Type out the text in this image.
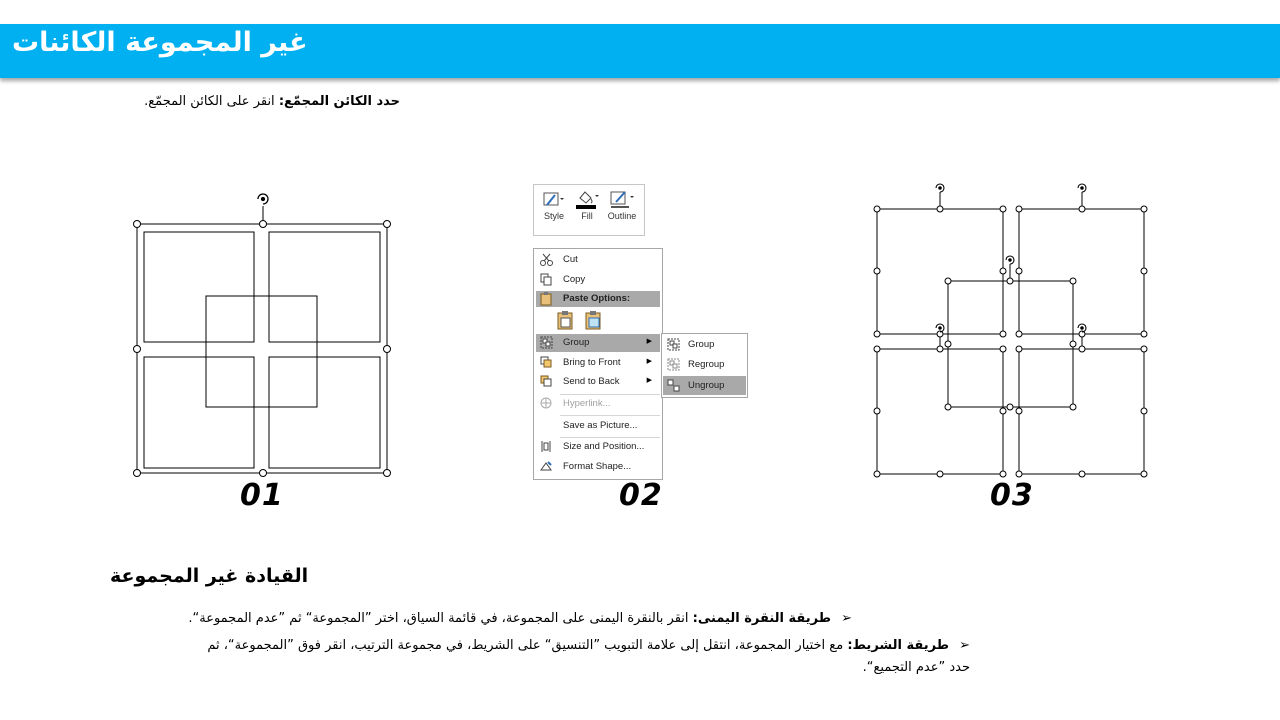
غير المجموعة الكائنات
حدد الكائن المجمّع: انقر على الكائن المجمّع.
Style	Fill	Outline
Cut
Copy
Paste Options:
Group	▶
Bring to Front	▶
Send to Back	▶
Hyperlink...
Save as Picture...
Size and Position...
Format Shape...
Group
Regroup
Ungroup
01	02	03
القيادة غير المجموعة
➢ طريقة النقرة اليمنى: انقر بالنقرة اليمنى على المجموعة، في قائمة السياق، اختر ”المجموعة“ ثم ”عدم المجموعة“.
➢ طريقة الشريط: مع اختيار المجموعة، انتقل إلى علامة التبويب ”التنسيق“ على الشريط، في مجموعة الترتيب، انقر فوق ”المجموعة“، ثم
حدد ”عدم التجميع“.
